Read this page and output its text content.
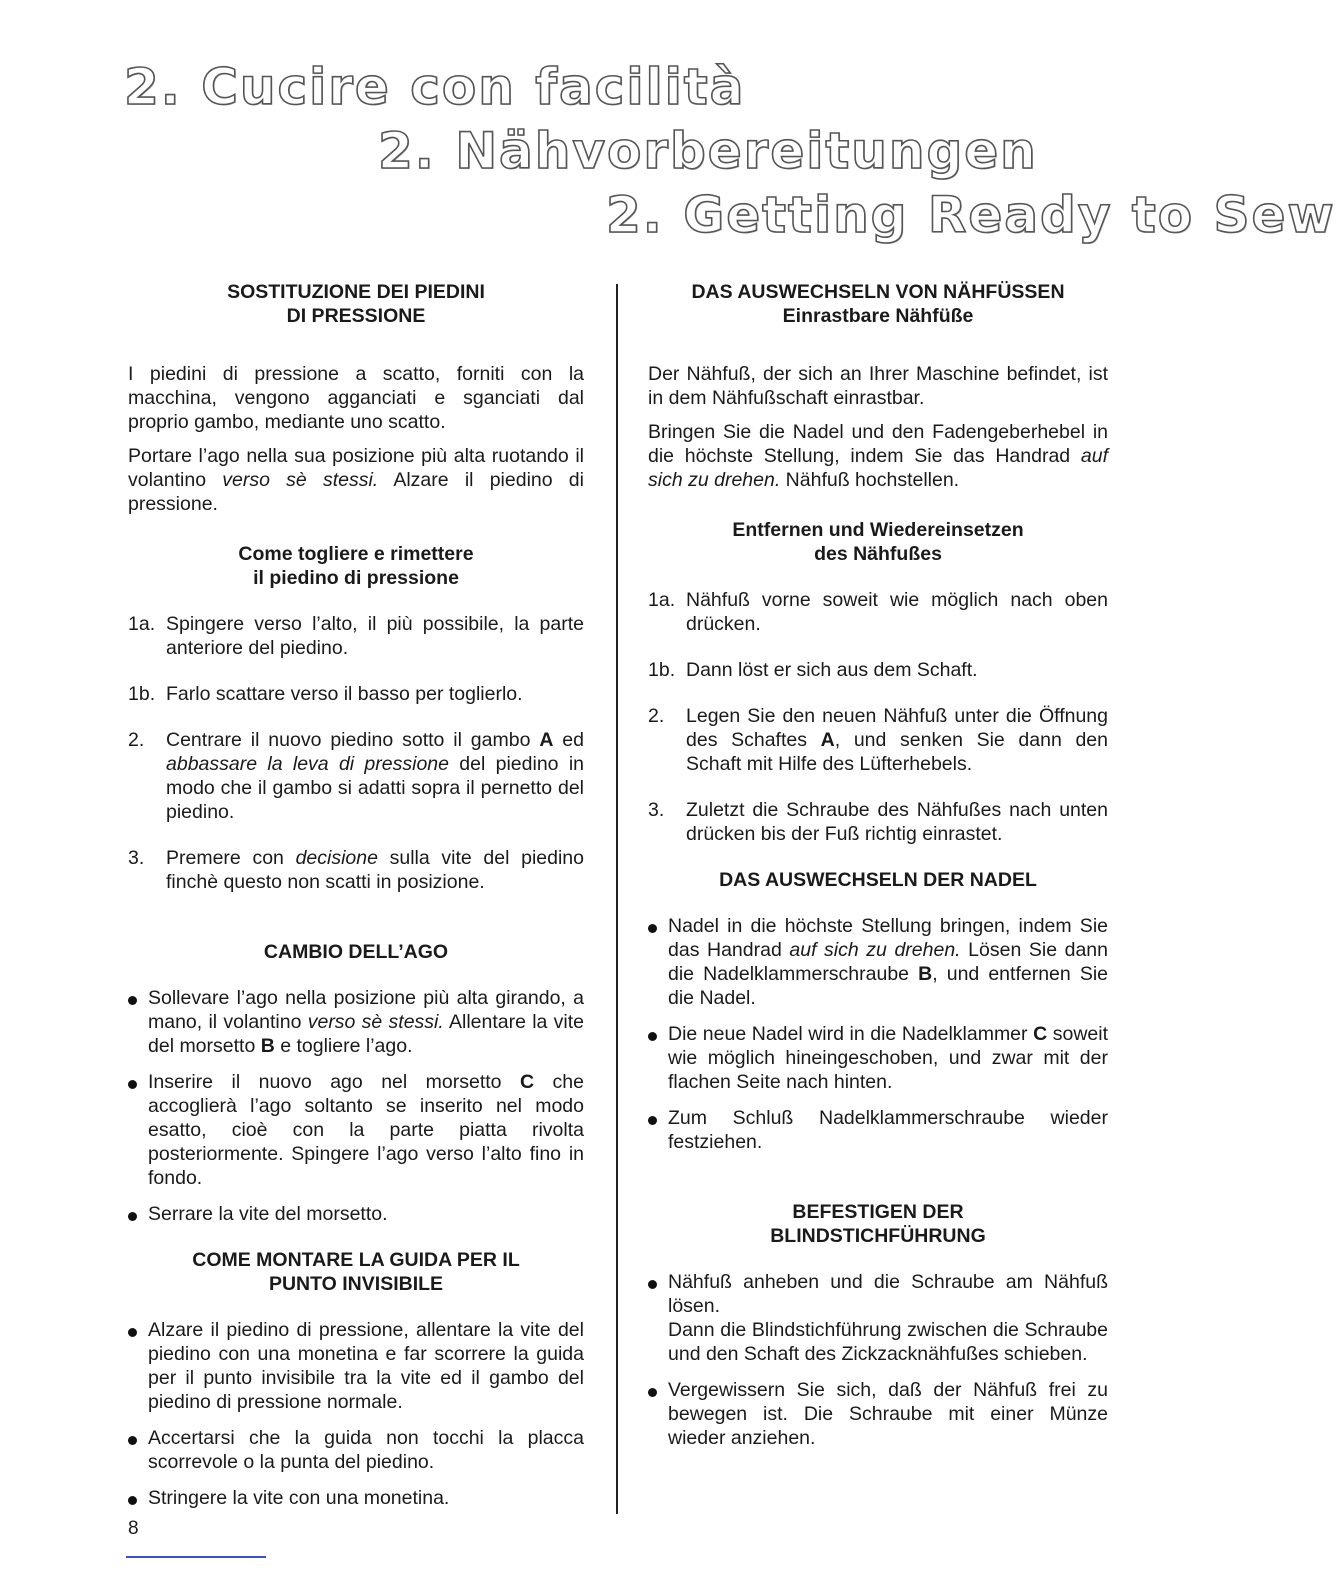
2. Cucire con facilità
2. Nähvorbereitungen
2. Getting Ready to Sew
SOSTITUZIONE DEI PIEDINI
DI PRESSIONE

I piedini di pressione a scatto, forniti con la macchina, vengono agganciati e sganciati dal proprio gambo, mediante uno scatto.

Portare l’ago nella sua posizione più alta ruotando il volantino verso sè stessi. Alzare il piedino di pressione.

Come togliere e rimettere
il piedino di pressione
1a. Spingere verso l’alto, il più possibile, la parte anteriore del piedino.
1b. Farlo scattare verso il basso per toglierlo.
2. Centrare il nuovo piedino sotto il gambo A ed abbassare la leva di pressione del piedino in modo che il gambo si adatti sopra il pernetto del piedino.
3. Premere con decisione sulla vite del piedino finchè questo non scatti in posizione.
CAMBIO DELL’AGO
Sollevare l’ago nella posizione più alta girando, a mano, il volantino verso sè stessi. Allentare la vite del morsetto B e togliere l’ago.
Inserire il nuovo ago nel morsetto C che accoglierà l’ago soltanto se inserito nel modo esatto, cioè con la parte piatta rivolta posteriormente. Spingere l’ago verso l’alto fino in fondo.
Serrare la vite del morsetto.
COME MONTARE LA GUIDA PER IL
PUNTO INVISIBILE
Alzare il piedino di pressione, allentare la vite del piedino con una monetina e far scorrere la guida per il punto invisibile tra la vite ed il gambo del piedino di pressione normale.
Accertarsi che la guida non tocchi la placca scorrevole o la punta del piedino.
Stringere la vite con una monetina.
DAS AUSWECHSELN VON NÄHFÜSSEN
Einrastbare Nähfüße

Der Nähfuß, der sich an Ihrer Maschine befindet, ist in dem Nähfußschaft einrastbar.

Bringen Sie die Nadel und den Fadengeberhebel in die höchste Stellung, indem Sie das Handrad auf sich zu drehen. Nähfuß hochstellen.

Entfernen und Wiedereinsetzen
des Nähfußes
1a. Nähfuß vorne soweit wie möglich nach oben drücken.
1b. Dann löst er sich aus dem Schaft.
2. Legen Sie den neuen Nähfuß unter die Öffnung des Schaftes A, und senken Sie dann den Schaft mit Hilfe des Lüfterhebels.
3. Zuletzt die Schraube des Nähfußes nach unten drücken bis der Fuß richtig einrastet.
DAS AUSWECHSELN DER NADEL
Nadel in die höchste Stellung bringen, indem Sie das Handrad auf sich zu drehen. Lösen Sie dann die Nadelklammerschraube B, und entfernen Sie die Nadel.
Die neue Nadel wird in die Nadelklammer C soweit wie möglich hineingeschoben, und zwar mit der flachen Seite nach hinten.
Zum Schluß Nadelklammerschraube wieder festziehen.
BEFESTIGEN DER
BLINDSTICHFÜHRUNG
Nähfuß anheben und die Schraube am Nähfuß lösen.
Dann die Blindstichführung zwischen die Schraube und den Schaft des Zickzacknähfußes schieben.
Vergewissern Sie sich, daß der Nähfuß frei zu bewegen ist. Die Schraube mit einer Münze wieder anziehen.
8
